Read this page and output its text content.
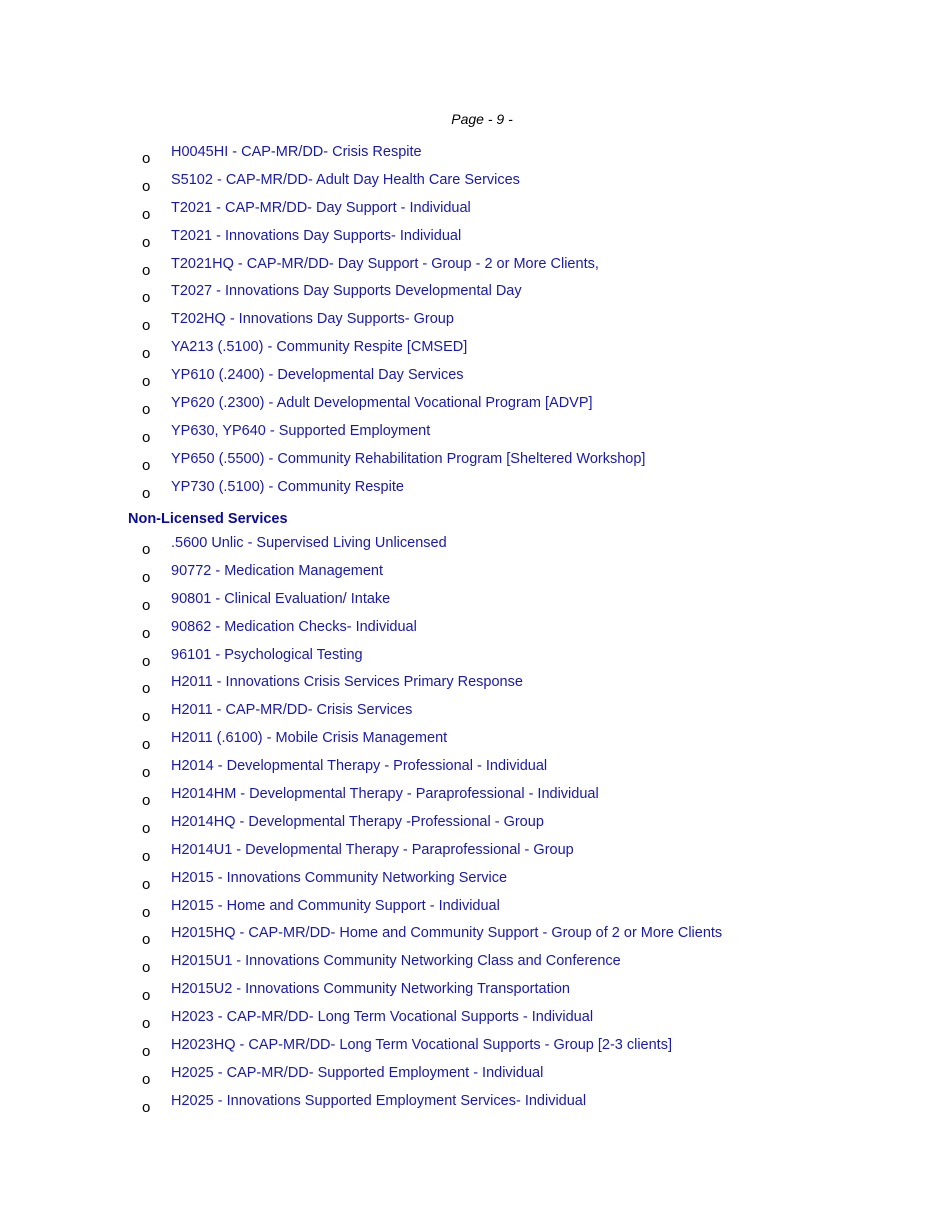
Page - 9 -
o H0045HI - CAP-MR/DD- Crisis Respite
o S5102 - CAP-MR/DD- Adult Day Health Care Services
o T2021 - CAP-MR/DD- Day Support - Individual
o T2021 - Innovations Day Supports- Individual
o T2021HQ - CAP-MR/DD- Day Support - Group - 2 or More Clients,
o T2027 - Innovations Day Supports Developmental Day
o T202HQ - Innovations Day Supports- Group
o YA213 (.5100) - Community Respite [CMSED]
o YP610 (.2400) - Developmental Day Services
o YP620 (.2300) - Adult Developmental Vocational Program [ADVP]
o YP630, YP640 - Supported Employment
o YP650 (.5500) - Community Rehabilitation Program [Sheltered Workshop]
o YP730 (.5100) - Community Respite
Non-Licensed Services
o .5600 Unlic - Supervised Living Unlicensed
o 90772 - Medication Management
o 90801 - Clinical Evaluation/ Intake
o 90862 - Medication Checks- Individual
o 96101 - Psychological Testing
o H2011 - Innovations Crisis Services Primary Response
o H2011 - CAP-MR/DD- Crisis Services
o H2011 (.6100) - Mobile Crisis Management
o H2014 - Developmental Therapy - Professional - Individual
o H2014HM - Developmental Therapy - Paraprofessional - Individual
o H2014HQ - Developmental Therapy -Professional - Group
o H2014U1 - Developmental Therapy - Paraprofessional - Group
o H2015 - Innovations Community Networking Service
o H2015 - Home and Community Support - Individual
o H2015HQ - CAP-MR/DD- Home and Community Support - Group of 2 or More Clients
o H2015U1 - Innovations Community Networking Class and Conference
o H2015U2 - Innovations Community Networking Transportation
o H2023 - CAP-MR/DD- Long Term Vocational Supports - Individual
o H2023HQ - CAP-MR/DD- Long Term Vocational Supports - Group [2-3 clients]
o H2025 - CAP-MR/DD- Supported Employment - Individual
o H2025 - Innovations Supported Employment Services- Individual
